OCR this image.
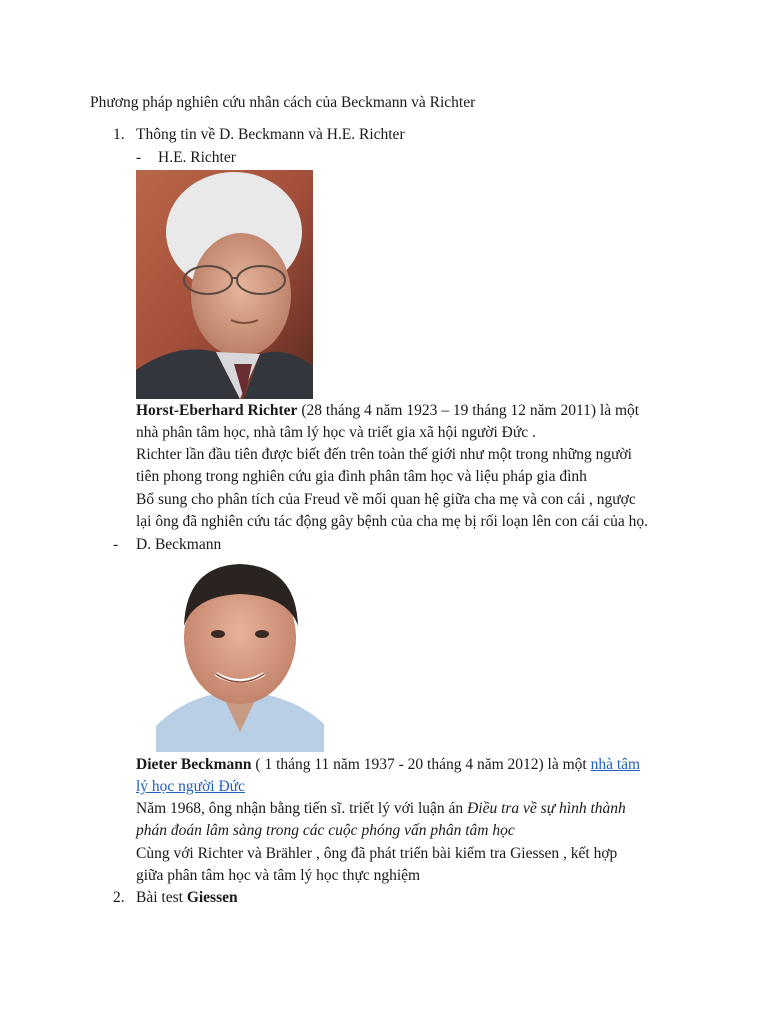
Phương pháp nghiên cứu nhân cách của Beckmann và Richter
1. Thông tin về D. Beckmann và H.E. Richter
- H.E. Richter
Horst-Eberhard Richter (28 tháng 4 năm 1923 – 19 tháng 12 năm 2011) là một
nhà phân tâm học, nhà tâm lý học và triết gia xã hội người Đức .
Richter lần đầu tiên được biết đến trên toàn thế giới như một trong những người
tiên phong trong nghiên cứu gia đình phân tâm học và liệu pháp gia đình
Bổ sung cho phân tích của Freud về mối quan hệ giữa cha mẹ và con cái , ngược
lại ông đã nghiên cứu tác động gây bệnh của cha mẹ bị rối loạn lên con cái của họ.
- D. Beckmann
Dieter Beckmann ( 1 tháng 11 năm 1937 - 20 tháng 4 năm 2012) là một nhà tâm
lý học người Đức
Năm 1968, ông nhận bằng tiến sĩ. triết lý với luận án Điều tra về sự hình thành
phán đoán lâm sàng trong các cuộc phóng vấn phân tâm học
Cùng với Richter và Brähler , ông đã phát triển bài kiểm tra Giessen , kết hợp
giữa phân tâm học và tâm lý học thực nghiệm
2. Bài test Giessen
